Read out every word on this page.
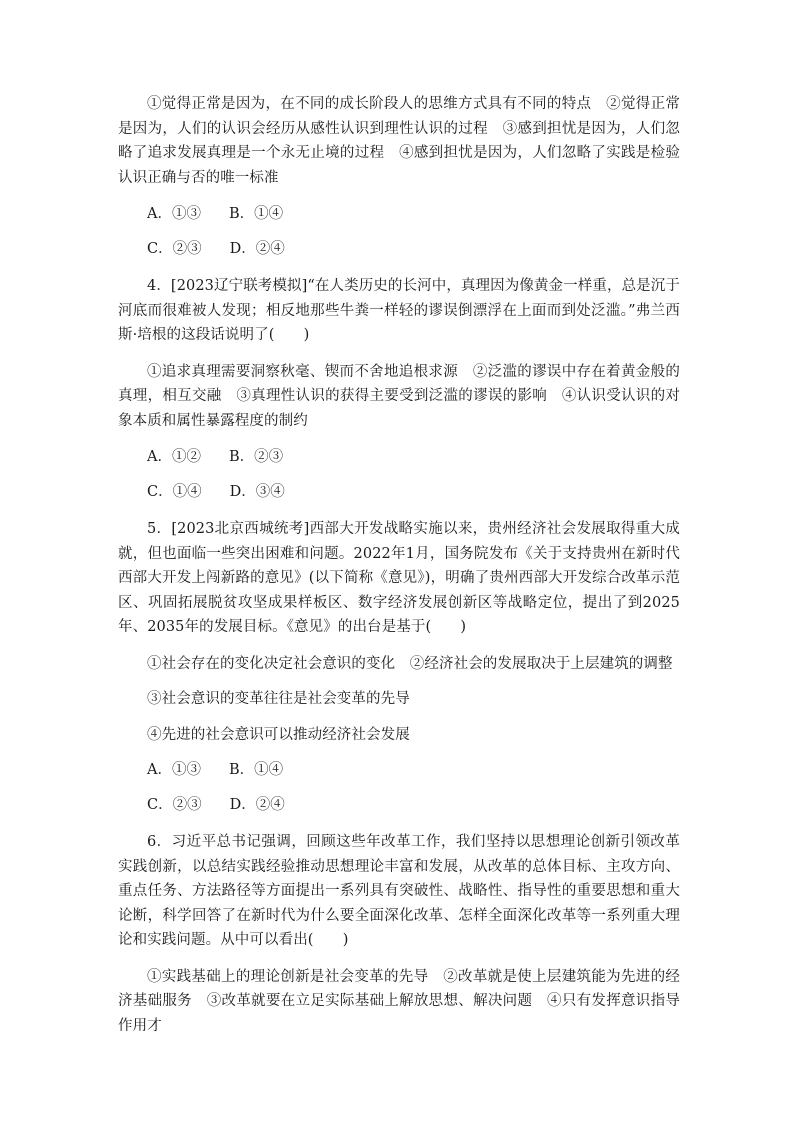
①觉得正常是因为，在不同的成长阶段人的思维方式具有不同的特点　②觉得正常是因为，人们的认识会经历从感性认识到理性认识的过程　③感到担忧是因为，人们忽略了追求发展真理是一个永无止境的过程　④感到担忧是因为，人们忽略了实践是检验认识正确与否的唯一标准

A．①③ B．①④

C．②③ D．②④

4．[2023辽宁联考模拟]“在人类历史的长河中，真理因为像黄金一样重，总是沉于河底而很难被人发现；相反地那些牛粪一样轻的谬误倒漂浮在上面而到处泛滥。”弗兰西斯·培根的这段话说明了(　　)

①追求真理需要洞察秋毫、锲而不舍地追根求源　②泛滥的谬误中存在着黄金般的真理，相互交融　③真理性认识的获得主要受到泛滥的谬误的影响　④认识受认识的对象本质和属性暴露程度的制约

A．①② B．②③

C．①④ D．③④

5．[2023北京西城统考]西部大开发战略实施以来，贵州经济社会发展取得重大成就，但也面临一些突出困难和问题。2022年1月，国务院发布《关于支持贵州在新时代西部大开发上闯新路的意见》(以下简称《意见》)，明确了贵州西部大开发综合改革示范区、巩固拓展脱贫攻坚成果样板区、数字经济发展创新区等战略定位，提出了到2025年、2035年的发展目标。《意见》的出台是基于(　　)

①社会存在的变化决定社会意识的变化　②经济社会的发展取决于上层建筑的调整

③社会意识的变革往往是社会变革的先导

④先进的社会意识可以推动经济社会发展

A．①③ B．①④

C．②③ D．②④

6．习近平总书记强调，回顾这些年改革工作，我们坚持以思想理论创新引领改革实践创新，以总结实践经验推动思想理论丰富和发展，从改革的总体目标、主攻方向、重点任务、方法路径等方面提出一系列具有突破性、战略性、指导性的重要思想和重大论断，科学回答了在新时代为什么要全面深化改革、怎样全面深化改革等一系列重大理论和实践问题。从中可以看出(　　)

①实践基础上的理论创新是社会变革的先导　②改革就是使上层建筑能为先进的经济基础服务　③改革就要在立足实际基础上解放思想、解决问题　④只有发挥意识指导作用才
